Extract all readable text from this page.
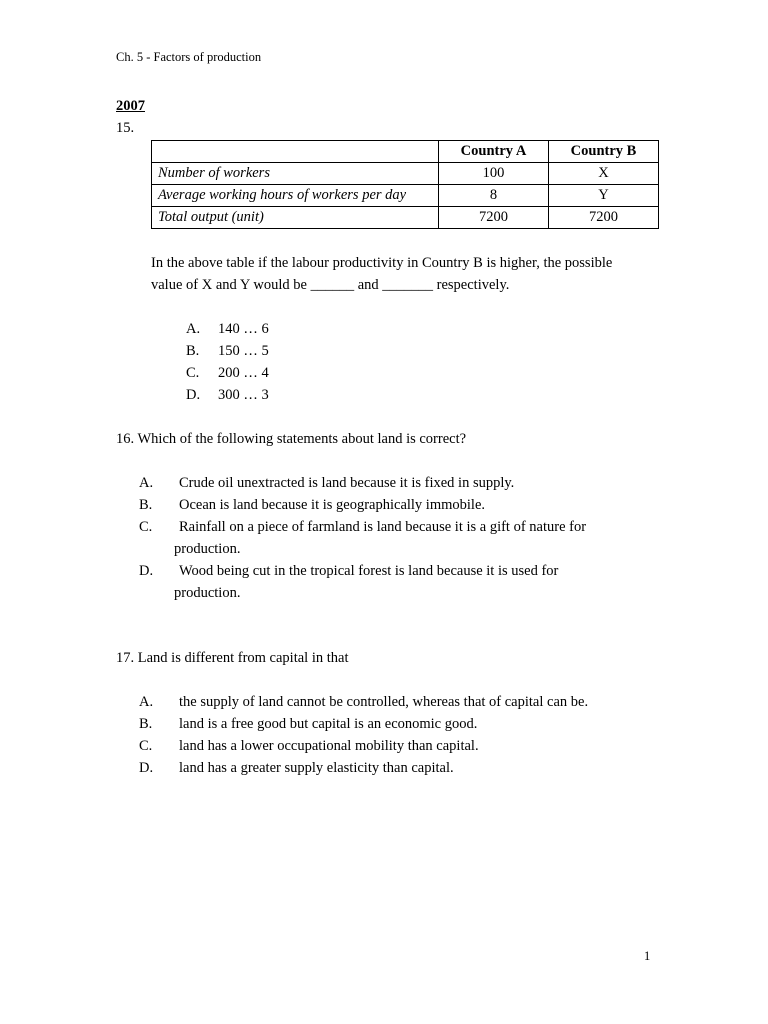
Ch. 5 - Factors of production
2007
15.
	Country A	Country B
Number of workers	100	X
Average working hours of workers per day	8	Y
Total output (unit)	7200	7200
In the above table if the labour productivity in Country B is higher, the possible
value of X and Y would be ______ and _______ respectively.
A. 140 … 6
B. 150 … 5
C. 200 … 4
D. 300 … 3
16. Which of the following statements about land is correct?
A. Crude oil unextracted is land because it is fixed in supply.
B. Ocean is land because it is geographically immobile.
C. Rainfall on a piece of farmland is land because it is a gift of nature for
production.
D. Wood being cut in the tropical forest is land because it is used for
production.
17. Land is different from capital in that
A. the supply of land cannot be controlled, whereas that of capital can be.
B. land is a free good but capital is an economic good.
C. land has a lower occupational mobility than capital.
D. land has a greater supply elasticity than capital.
1
